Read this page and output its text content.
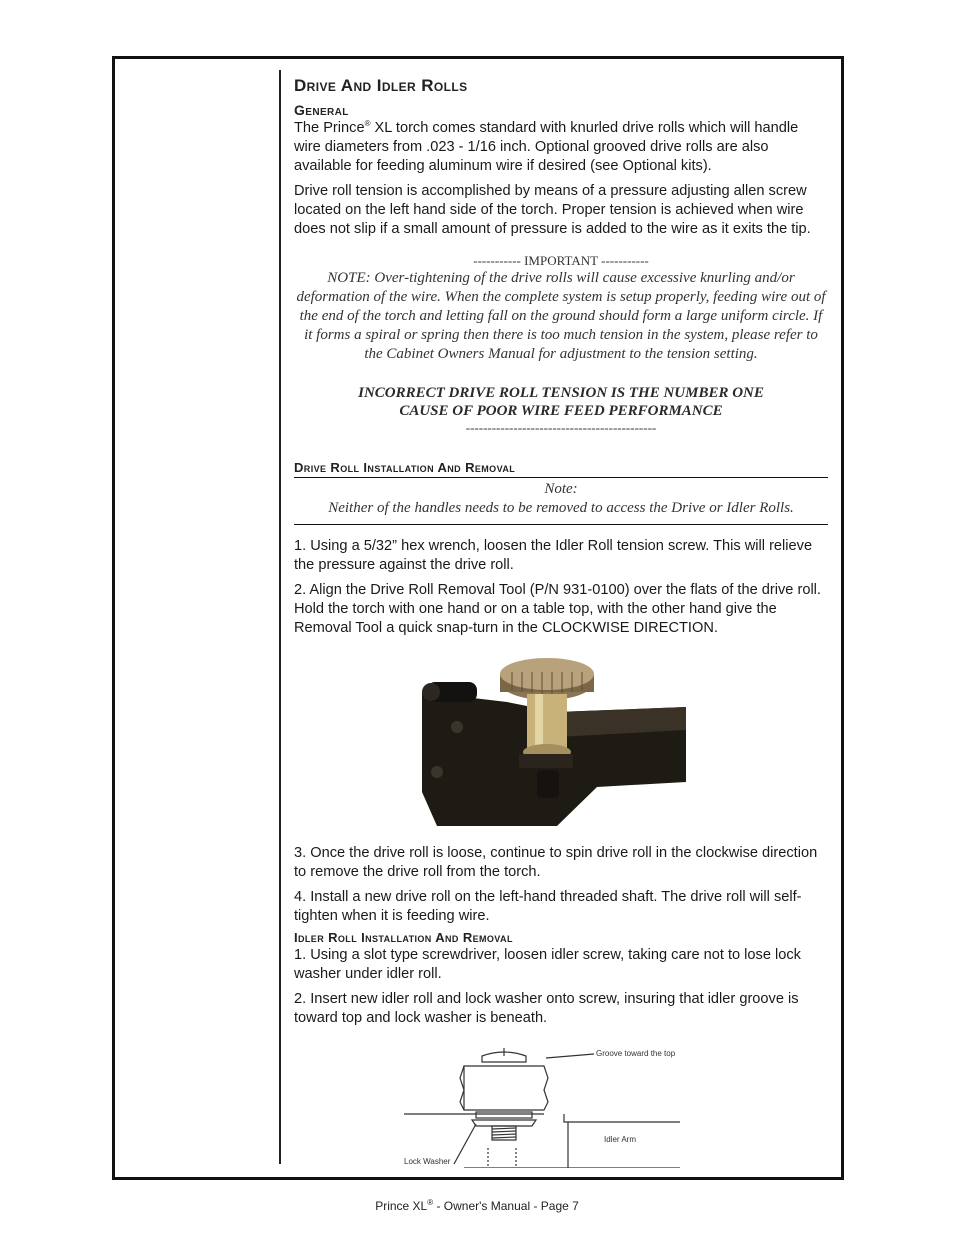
Drive And Idler Rolls
General

The Prince® XL torch comes standard with knurled drive rolls which will handle wire diameters from .023 - 1/16 inch. Optional grooved drive rolls are also available for feeding aluminum wire if desired (see Optional kits).

Drive roll tension is accomplished by means of a pressure adjusting allen screw located on the left hand side of the torch. Proper tension is achieved when wire does not slip if a small amount of pressure is added to the wire as it exits the tip.

----------- IMPORTANT -----------
NOTE: Over-tightening of the drive rolls will cause excessive knurling and/or deformation of the wire. When the complete system is setup properly, feeding wire out of the end of the torch and letting fall on the ground should form a large uniform circle. If it forms a spiral or spring then there is too much tension in the system, please refer to the Cabinet Owners Manual for adjustment to the tension setting.
INCORRECT DRIVE ROLL TENSION IS THE NUMBER ONE
CAUSE OF POOR WIRE FEED PERFORMANCE
--------------------------------------------
Drive Roll Installation And Removal
Note:
Neither of the handles needs to be removed to access the Drive or Idler Rolls.

1. Using a 5/32” hex wrench, loosen the Idler Roll tension screw. This will relieve the pressure against the drive roll.

2. Align the Drive Roll Removal Tool (P/N 931-0100) over the flats of the drive roll. Hold the torch with one hand or on a table top, with the other hand give the Removal Tool a quick snap-turn in the CLOCKWISE DIRECTION.

3. Once the drive roll is loose, continue to spin drive roll in the clockwise direction to remove the drive roll from the torch.

4. Install a new drive roll on the left-hand threaded shaft. The drive roll will self-tighten when it is feeding wire.

Idler Roll Installation And Removal

1. Using a slot type screwdriver, loosen idler screw, taking care not to lose lock washer under idler roll.

2. Insert new idler roll and lock washer onto screw, insuring that idler groove is toward top and lock washer is beneath.

Groove toward the top
Idler Arm
Lock Washer
Prince XL® - Owner's Manual - Page 7
